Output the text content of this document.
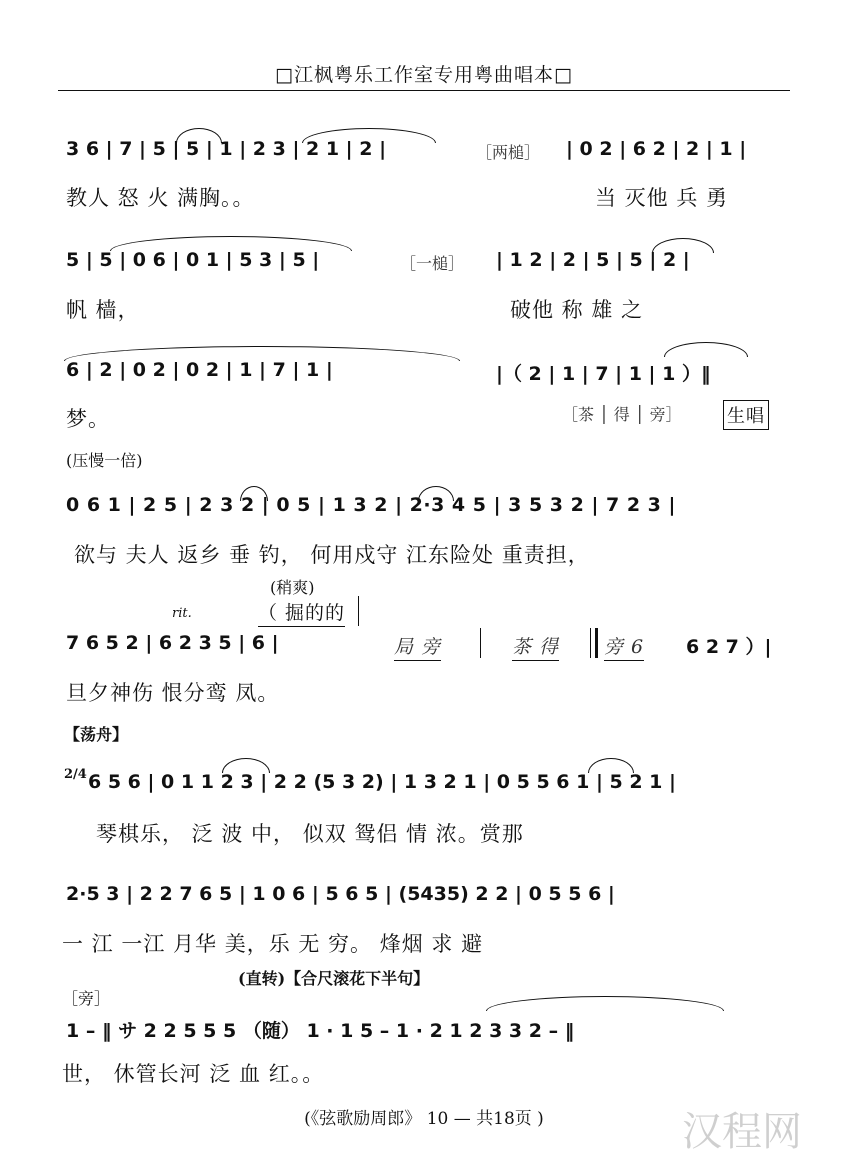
□江枫粤乐工作室专用粤曲唱本□
3 6 | 7 | 5 | 5 | 1 | 2 3 | 2 1 | 2 |	［两槌］ | 0 2 | 6 2 | 2 | 1 |
教人 怒 火 满胸。。	当 灭他 兵 勇
5 | 5 | 0 6 | 0 1 | 5 3 | 5 |	［一槌］ | 1 2 | 2 | 5 | 5 | 2 |
帆 樯，	破他 称 雄 之
6 | 2 | 0 2 | 0 2 | 1 | 7 | 1 |	|（ 2 | 1 | 7 | 1 | 1 ）‖
梦。	［茶 │ 得 │ 旁］	生唱
(压慢一倍)
0 6 1 | 2 5 | 2 3 2 | 0 5 | 1 3 2 | 2·3 4 5 | 3 5 3 2 | 7 2 3 |
欲与 夫人 返乡 垂 钓， 何用戍守 江东险处 重责担，
(稍爽)
rit.	（ 掘的的
7 6 5 2 | 6 2 3 5 | 6 |	局 旁	茶 得 旁 6 6 2 7 ）|
旦夕神伤 恨分鸾 凤。
【荡舟】
2/4 6 5 6 | 0 1 1 2 3 | 2 2 (5 3 2) | 1 3 2 1 | 0 5 5 6 1 | 5 2 1 |
琴棋乐， 泛 波 中， 似双 鸳侣 情 浓。赏那
2·5 3 | 2 2 7 6 5 | 1 0 6 | 5 6 5 | (5435) 2 2 | 0 5 5 6 |
一 江 一江 月华 美，乐 无 穷。 烽烟 求 避
［旁］
(直转)【合尺滚花下半句】
1 – ‖ サ 2 2 5 5 5 （随） 1 · 1 5 – 1 · 2 1 2 3 3 2 – ‖
世， 休管长河 泛 血 红。。
(《弦歌励周郎》 10 — 共18页 )	汉程网
